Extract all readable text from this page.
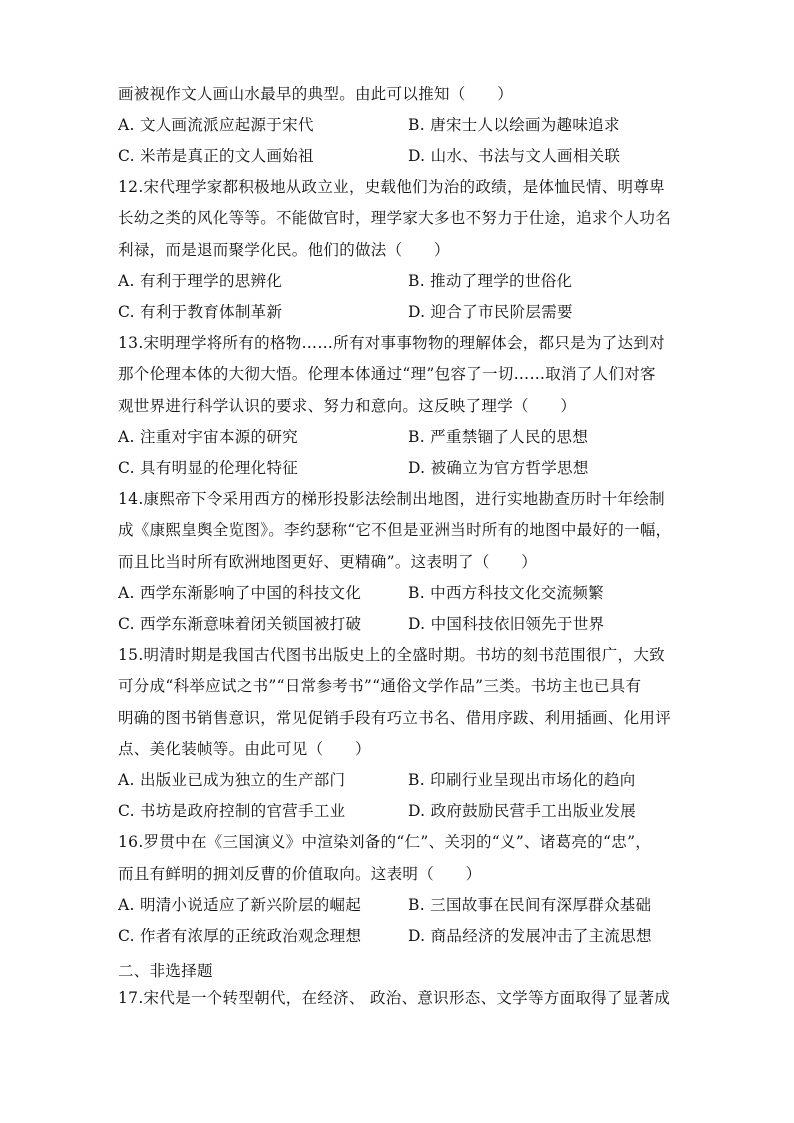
画被视作文人画山水最早的典型。由此可以推知（　　）
A. 文人画流派应起源于宋代	B. 唐宋士人以绘画为趣味追求
C. 米芾是真正的文人画始祖	D. 山水、书法与文人画相关联
12.宋代理学家都积极地从政立业，史载他们为治的政绩，是体恤民情、明尊卑
长幼之类的风化等等。不能做官时，理学家大多也不努力于仕途，追求个人功名
利禄，而是退而聚学化民。他们的做法（　　）
A. 有利于理学的思辨化	B. 推动了理学的世俗化
C. 有利于教育体制革新	D. 迎合了市民阶层需要
13.宋明理学将所有的格物……所有对事事物物的理解体会，都只是为了达到对
那个伦理本体的大彻大悟。伦理本体通过“理”包容了一切……取消了人们对客
观世界进行科学认识的要求、努力和意向。这反映了理学（　　）
A. 注重对宇宙本源的研究	B. 严重禁锢了人民的思想
C. 具有明显的伦理化特征	D. 被确立为官方哲学思想
14.康熙帝下令采用西方的梯形投影法绘制出地图，进行实地勘查历时十年绘制
成《康熙皇舆全览图》。李约瑟称“它不但是亚洲当时所有的地图中最好的一幅，
而且比当时所有欧洲地图更好、更精确”。这表明了（　　）
A. 西学东渐影响了中国的科技文化	B. 中西方科技文化交流频繁
C. 西学东渐意味着闭关锁国被打破	D. 中国科技依旧领先于世界
15.明清时期是我国古代图书出版史上的全盛时期。书坊的刻书范围很广，大致
可分成“科举应试之书”“日常参考书”“通俗文学作品”三类。书坊主也已具有
明确的图书销售意识，常见促销手段有巧立书名、借用序跋、利用插画、化用评
点、美化装帧等。由此可见（　　）
A. 出版业已成为独立的生产部门	B. 印刷行业呈现出市场化的趋向
C. 书坊是政府控制的官营手工业	D. 政府鼓励民营手工出版业发展
16.罗贯中在《三国演义》中渲染刘备的“仁”、关羽的“义”、诸葛亮的“忠”，
而且有鲜明的拥刘反曹的价值取向。这表明（　　）
A. 明清小说适应了新兴阶层的崛起	B. 三国故事在民间有深厚群众基础
C. 作者有浓厚的正统政治观念理想	D. 商品经济的发展冲击了主流思想
二、非选择题
17.宋代是一个转型朝代，在经济、 政治、意识形态、文学等方面取得了显著成
